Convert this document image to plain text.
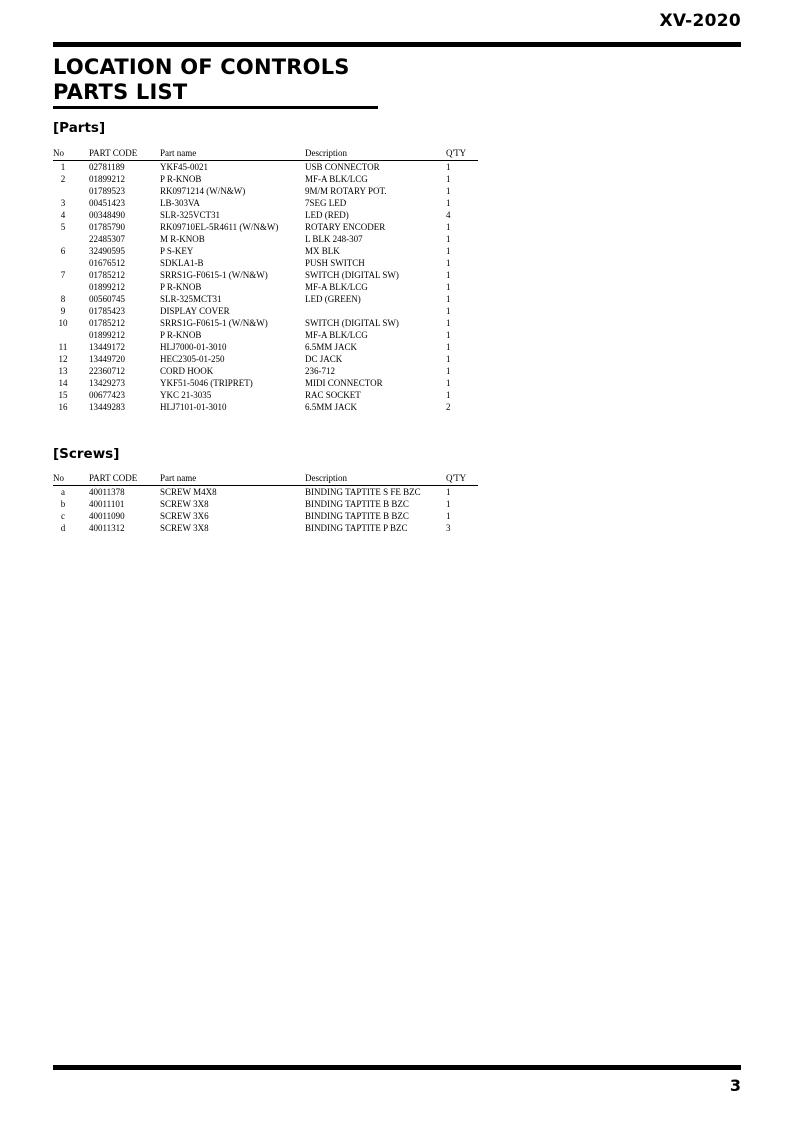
XV-2020
LOCATION OF CONTROLS
PARTS LIST
[Parts]
No	PART CODE	Part name	Description	Q'TY
1	02781189	YKF45-0021	USB CONNECTOR	1
2	01899212	P R-KNOB	MF-A BLK/LCG	1
	01789523	RK0971214 (W/N&W)	9M/M ROTARY POT.	1
3	00451423	LB-303VA	7SEG LED	1
4	00348490	SLR-325VCT31	LED (RED)	4
5	01785790	RK09710EL-5R4611 (W/N&W)	ROTARY ENCODER	1
	22485307	M R-KNOB	L BLK 248-307	1
6	32490595	P S-KEY	MX BLK	1
	01676512	SDKLA1-B	PUSH SWITCH	1
7	01785212	SRRS1G-F0615-1 (W/N&W)	SWITCH (DIGITAL SW)	1
	01899212	P R-KNOB	MF-A BLK/LCG	1
8	00560745	SLR-325MCT31	LED (GREEN)	1
9	01785423	DISPLAY COVER		1
10	01785212	SRRS1G-F0615-1 (W/N&W)	SWITCH (DIGITAL SW)	1
	01899212	P R-KNOB	MF-A BLK/LCG	1
11	13449172	HLJ7000-01-3010	6.5MM JACK	1
12	13449720	HEC2305-01-250	DC JACK	1
13	22360712	CORD HOOK	236-712	1
14	13429273	YKF51-5046 (TRIPRET)	MIDI CONNECTOR	1
15	00677423	YKC 21-3035	RAC SOCKET	1
16	13449283	HLJ7101-01-3010	6.5MM JACK	2
[Screws]
No	PART CODE	Part name	Description	Q'TY
a	40011378	SCREW M4X8	BINDING TAPTITE S FE BZC	1
b	40011101	SCREW 3X8	BINDING TAPTITE B BZC	1
c	40011090	SCREW 3X6	BINDING TAPTITE B BZC	1
d	40011312	SCREW 3X8	BINDING TAPTITE P BZC	3
3
